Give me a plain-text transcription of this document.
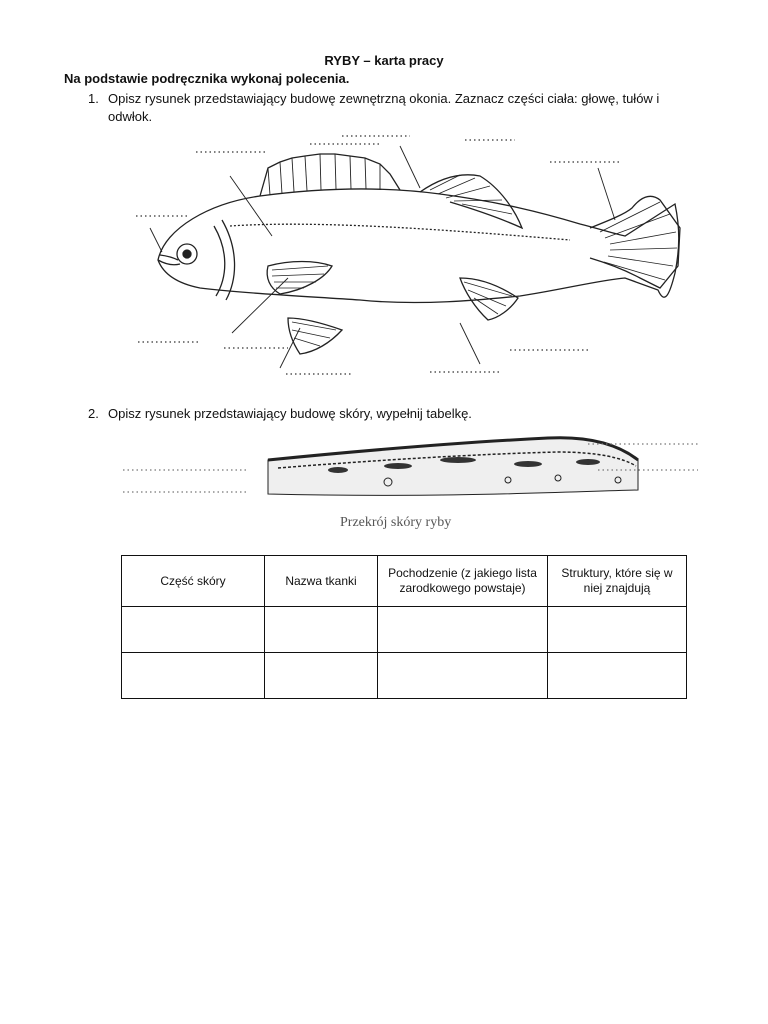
RYBY – karta pracy
Na podstawie podręcznika wykonaj polecenia.
1. Opisz rysunek przedstawiający budowę zewnętrzną okonia. Zaznacz części ciała: głowę, tułów i odwłok.
2. Opisz rysunek przedstawiający budowę skóry, wypełnij tabelkę.
Przekrój skóry ryby
Część skóry	Nazwa tkanki	Pochodzenie (z jakiego lista zarodkowego powstaje)	Struktury, które się w niej znajdują
